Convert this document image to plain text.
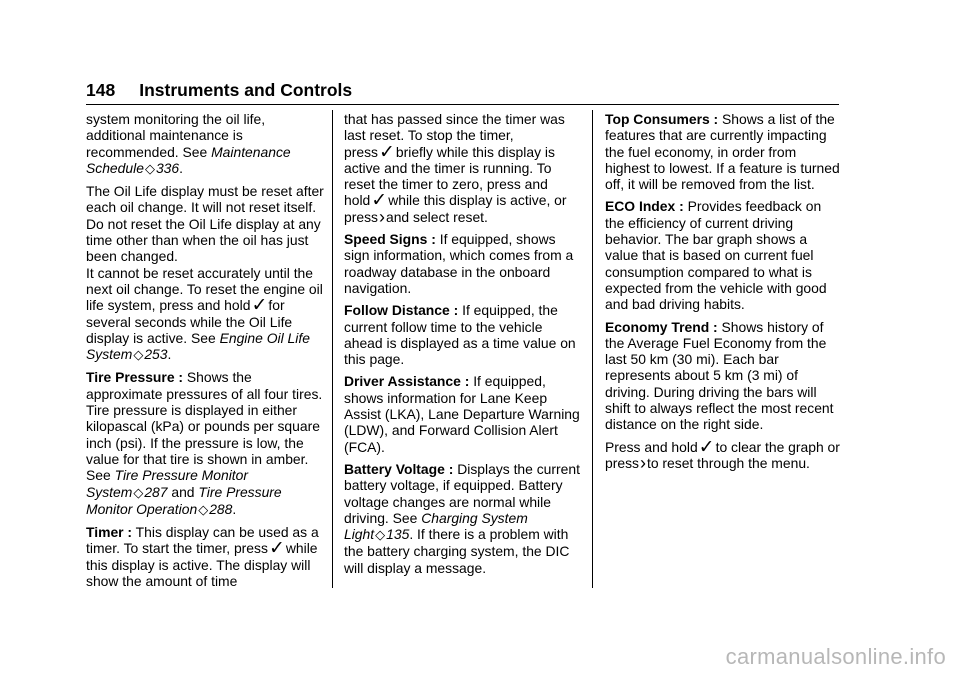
148 Instruments and Controls

system monitoring the oil life, additional maintenance is recommended. See Maintenance Schedule◇336.

The Oil Life display must be reset after each oil change. It will not reset itself. Do not reset the Oil Life display at any time other than when the oil has just been changed.

It cannot be reset accurately until the next oil change. To reset the engine oil life system, press and hold✓for several seconds while the Oil Life display is active. See Engine Oil Life System◇253.

Tire Pressure : Shows the approximate pressures of all four tires. Tire pressure is displayed in either kilopascal (kPa) or pounds per square inch (psi). If the pressure is low, the value for that tire is shown in amber. See Tire Pressure Monitor System◇287 and Tire Pressure Monitor Operation◇288.

Timer : This display can be used as a timer. To start the timer, press✓while this display is active. The display will show the amount of time

that has passed since the timer was last reset. To stop the timer, press✓briefly while this display is active and the timer is running. To reset the timer to zero, press and hold✓while this display is active, or press›and select reset.

Speed Signs : If equipped, shows sign information, which comes from a roadway database in the onboard navigation.

Follow Distance : If equipped, the current follow time to the vehicle ahead is displayed as a time value on this page.

Driver Assistance : If equipped, shows information for Lane Keep Assist (LKA), Lane Departure Warning (LDW), and Forward Collision Alert (FCA).

Battery Voltage : Displays the current battery voltage, if equipped. Battery voltage changes are normal while driving. See Charging System Light◇135. If there is a problem with the battery charging system, the DIC will display a message.

Top Consumers : Shows a list of the features that are currently impacting the fuel economy, in order from highest to lowest. If a feature is turned off, it will be removed from the list.

ECO Index : Provides feedback on the efficiency of current driving behavior. The bar graph shows a value that is based on current fuel consumption compared to what is expected from the vehicle with good and bad driving habits.

Economy Trend : Shows history of the Average Fuel Economy from the last 50 km (30 mi). Each bar represents about 5 km (3 mi) of driving. During driving the bars will shift to always reflect the most recent distance on the right side.

Press and hold✓to clear the graph or press›to reset through the menu.

carmanualsonline.info
